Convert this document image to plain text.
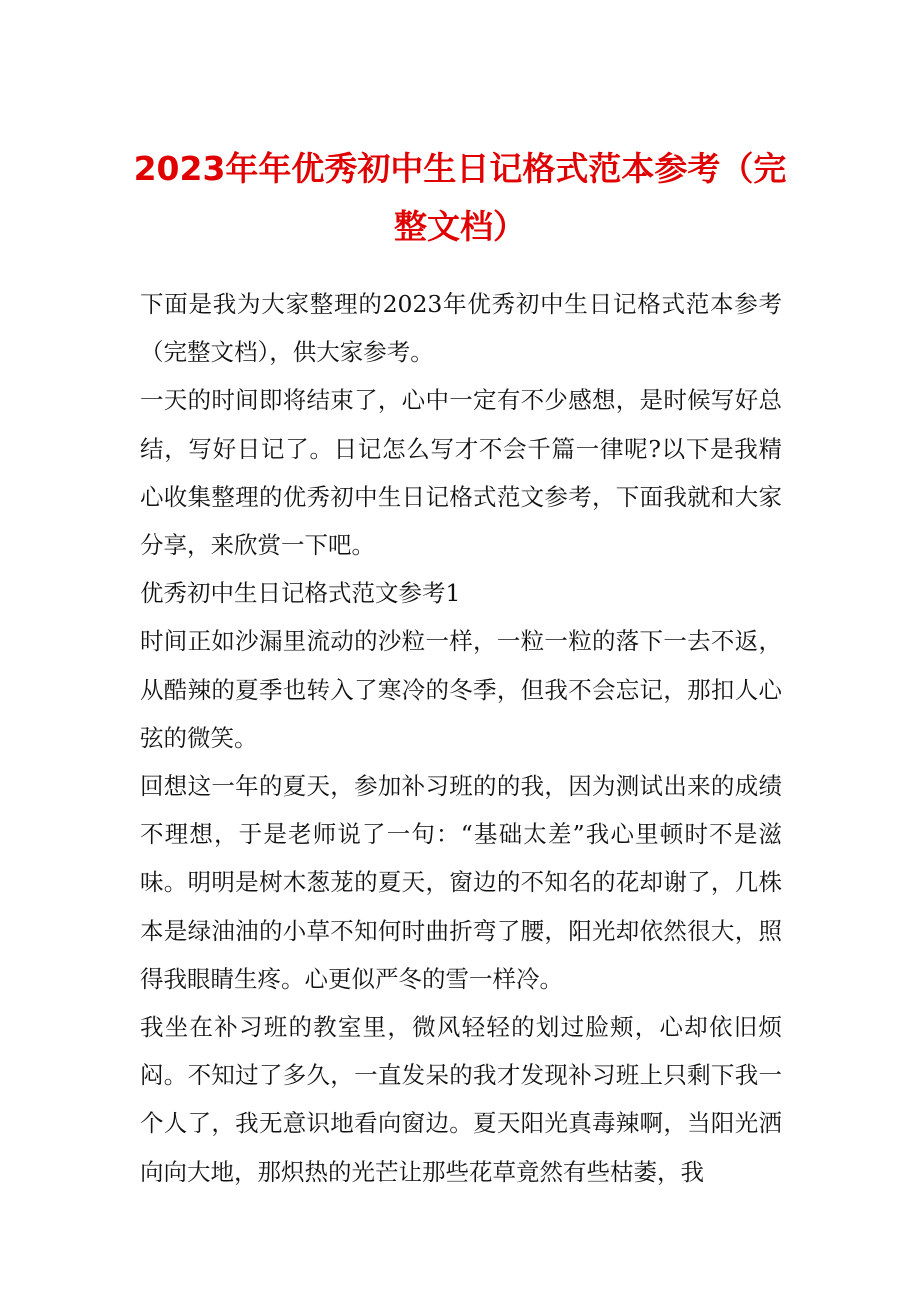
2023年年优秀初中生日记格式范本参考（完整文档）

下面是我为大家整理的2023年优秀初中生日记格式范本参考（完整文档），供大家参考。

一天的时间即将结束了，心中一定有不少感想，是时候写好总结，写好日记了。日记怎么写才不会千篇一律呢?以下是我精心收集整理的优秀初中生日记格式范文参考，下面我就和大家分享，来欣赏一下吧。

优秀初中生日记格式范文参考1

时间正如沙漏里流动的沙粒一样，一粒一粒的落下一去不返，从酷辣的夏季也转入了寒冷的冬季，但我不会忘记，那扣人心弦的微笑。

回想这一年的夏天，参加补习班的的我，因为测试出来的成绩不理想，于是老师说了一句：“基础太差”我心里顿时不是滋味。明明是树木葱茏的夏天，窗边的不知名的花却谢了，几株本是绿油油的小草不知何时曲折弯了腰，阳光却依然很大，照得我眼睛生疼。心更似严冬的雪一样冷。

我坐在补习班的教室里，微风轻轻的划过脸颊，心却依旧烦闷。不知过了多久，一直发呆的我才发现补习班上只剩下我一个人了，我无意识地看向窗边。夏天阳光真毒辣啊，当阳光洒向向大地，那炽热的光芒让那些花草竟然有些枯萎，我
